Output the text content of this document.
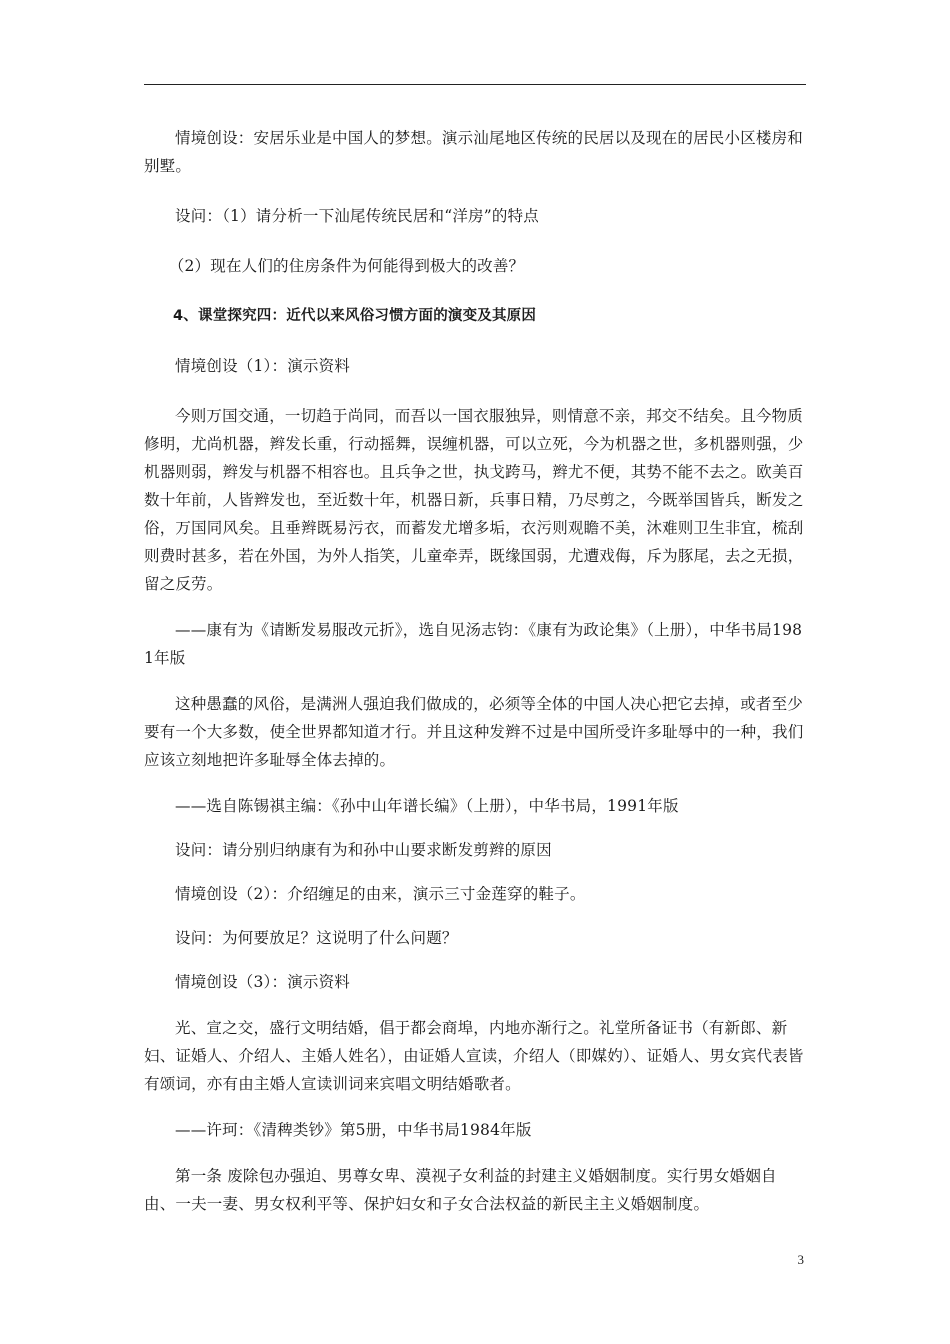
情境创设：安居乐业是中国人的梦想。演示汕尾地区传统的民居以及现在的居民小区楼房和别墅。

设问：（1）请分析一下汕尾传统民居和“洋房”的特点

（2）现在人们的住房条件为何能得到极大的改善？

4、课堂探究四：近代以来风俗习惯方面的演变及其原因

情境创设（1）：演示资料

今则万国交通，一切趋于尚同，而吾以一国衣服独异，则情意不亲，邦交不结矣。且今物质修明，尤尚机器，辫发长重，行动摇舞，误缠机器，可以立死，今为机器之世，多机器则强，少机器则弱，辫发与机器不相容也。且兵争之世，执戈跨马，辫尤不便，其势不能不去之。欧美百数十年前，人皆辫发也，至近数十年，机器日新，兵事日精，乃尽剪之，今既举国皆兵，断发之俗，万国同风矣。且垂辫既易污衣，而蓄发尤增多垢，衣污则观瞻不美，沐难则卫生非宜，梳刮则费时甚多，若在外国，为外人指笑，儿童牵弄，既缘国弱，尤遭戏侮，斥为豚尾，去之无损，留之反劳。

——康有为《请断发易服改元折》，选自见汤志钧：《康有为政论集》（上册），中华书局1981年版

这种愚蠢的风俗，是满洲人强迫我们做成的，必须等全体的中国人决心把它去掉，或者至少要有一个大多数，使全世界都知道才行。并且这种发辫不过是中国所受许多耻辱中的一种，我们应该立刻地把许多耻辱全体去掉的。

——选自陈锡祺主编：《孙中山年谱长编》（上册），中华书局，1991年版

设问：请分别归纳康有为和孙中山要求断发剪辫的原因

情境创设（2）：介绍缠足的由来，演示三寸金莲穿的鞋子。

设问：为何要放足？这说明了什么问题？

情境创设（3）：演示资料

光、宣之交，盛行文明结婚，倡于都会商埠，内地亦渐行之。礼堂所备证书（有新郎、新妇、证婚人、介绍人、主婚人姓名），由证婚人宣读，介绍人（即媒妁）、证婚人、男女宾代表皆有颂词，亦有由主婚人宣读训词来宾唱文明结婚歌者。

——许珂：《清稗类钞》第5册，中华书局1984年版

第一条 废除包办强迫、男尊女卑、漠视子女利益的封建主义婚姻制度。实行男女婚姻自由、一夫一妻、男女权利平等、保护妇女和子女合法权益的新民主主义婚姻制度。

3
